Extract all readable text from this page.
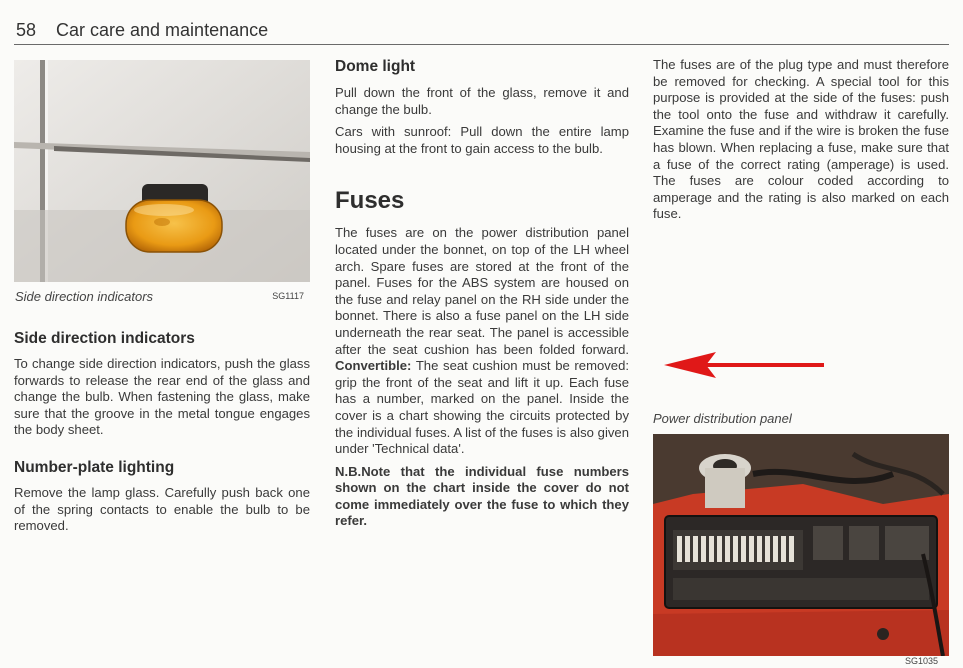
58 Car care and maintenance
Side direction indicators	SG1117
Side direction indicators

To change side direction indicators, push the glass forwards to release the rear end of the glass and change the bulb. When fastening the glass, make sure that the groove in the metal tongue engages the body sheet.

Number-plate lighting

Remove the lamp glass. Carefully push back one of the spring contacts to enable the bulb to be removed.

Dome light

Pull down the front of the glass, remove it and change the bulb.

Cars with sunroof: Pull down the entire lamp housing at the front to gain access to the bulb.

Fuses

The fuses are on the power distribution panel located under the bonnet, on top of the LH wheel arch. Spare fuses are stored at the front of the panel. Fuses for the ABS system are housed on the fuse and relay panel on the RH side under the bonnet. There is also a fuse panel on the LH side underneath the rear seat. The panel is accessible after the seat cushion has been folded forward. Convertible: The seat cushion must be removed: grip the front of the seat and lift it up. Each fuse has a number, marked on the panel. Inside the cover is a chart showing the circuits protected by the individual fuses. A list of the fuses is also given under 'Technical data'.

N.B.Note that the individual fuse numbers shown on the chart inside the cover do not come immediately over the fuse to which they refer.

The fuses are of the plug type and must therefore be removed for checking. A special tool for this purpose is provided at the side of the fuses: push the tool onto the fuse and withdraw it carefully. Examine the fuse and if the wire is broken the fuse has blown. When replacing a fuse, make sure that a fuse of the correct rating (amperage) is used. The fuses are colour coded according to amperage and the rating is also marked on each fuse.

Power distribution panel
SG1035
